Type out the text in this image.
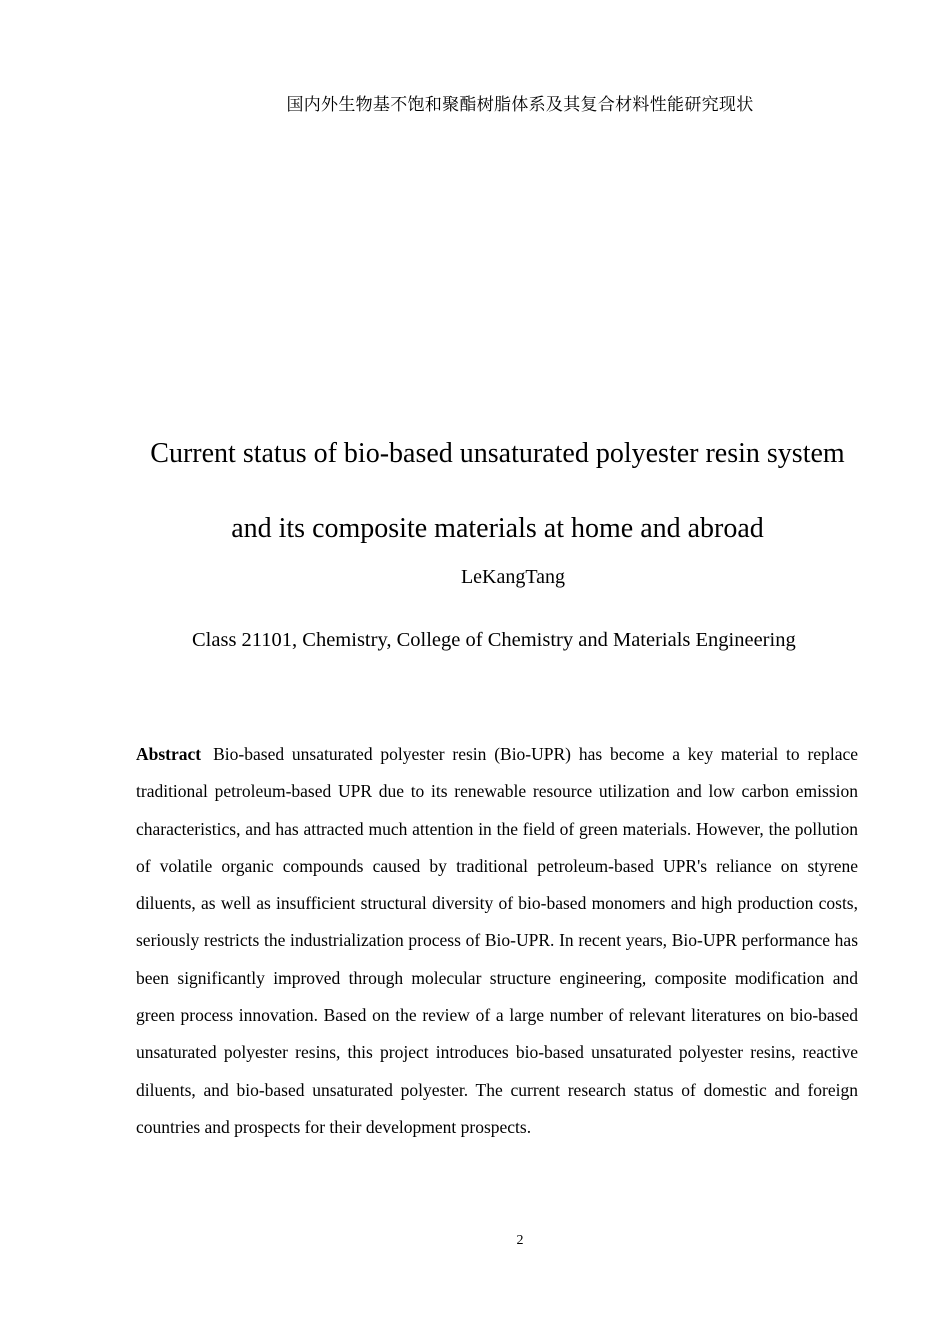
国内外生物基不饱和聚酯树脂体系及其复合材料性能研究现状
Current status of bio-based unsaturated polyester resin system
and its composite materials at home and abroad
LeKangTang
Class 21101, Chemistry, College of Chemistry and Materials Engineering

Abstract Bio-based unsaturated polyester resin (Bio-UPR) has become a key material to replace traditional petroleum-based UPR due to its renewable resource utilization and low carbon emission characteristics, and has attracted much attention in the field of green materials. However, the pollution of volatile organic compounds caused by traditional petroleum-based UPR's reliance on styrene diluents, as well as insufficient structural diversity of bio-based monomers and high production costs, seriously restricts the industrialization process of Bio-UPR. In recent years, Bio-UPR performance has been significantly improved through molecular structure engineering, composite modification and green process innovation. Based on the review of a large number of relevant literatures on bio-based unsaturated polyester resins, this project introduces bio-based unsaturated polyester resins, reactive diluents, and bio-based unsaturated polyester. The current research status of domestic and foreign countries and prospects for their development prospects.

2
